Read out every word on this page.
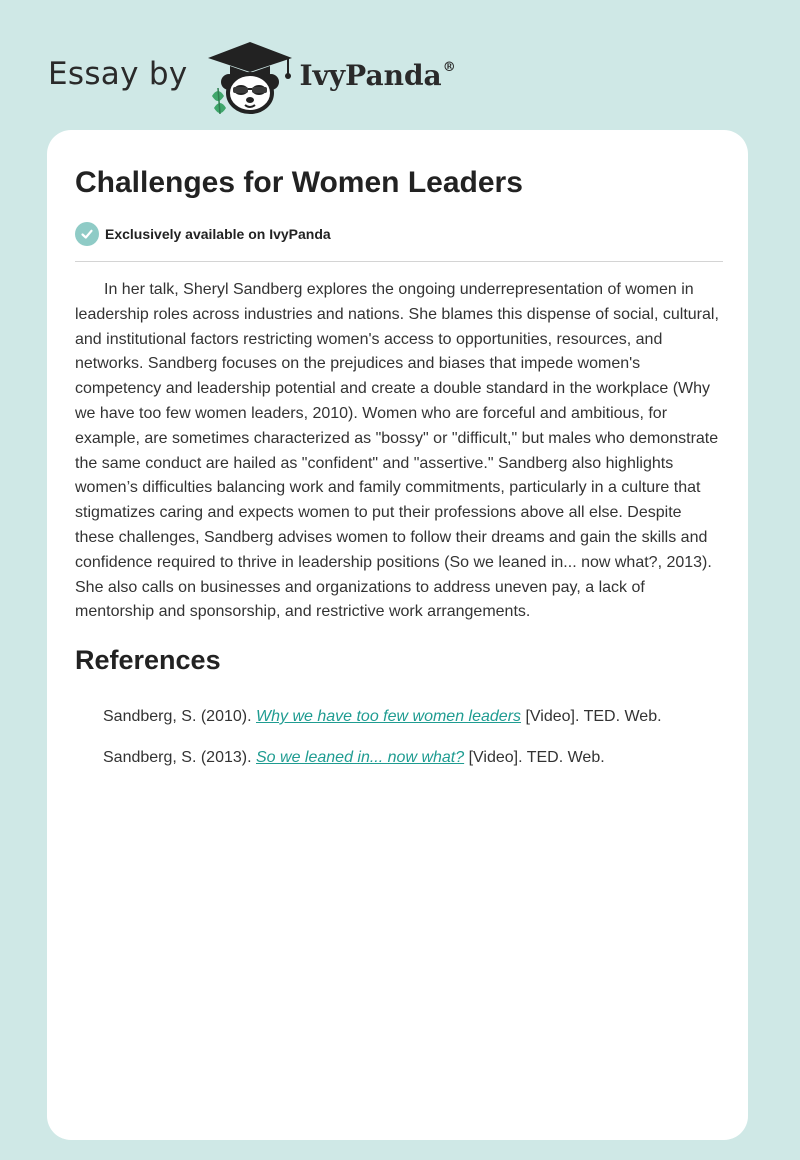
Essay by	IvyPanda®
Challenges for Women Leaders
Exclusively available on IvyPanda

In her talk, Sheryl Sandberg explores the ongoing underrepresentation of women in leadership roles across industries and nations. She blames this dispense of social, cultural, and institutional factors restricting women's access to opportunities, resources, and networks. Sandberg focuses on the prejudices and biases that impede women's competency and leadership potential and create a double standard in the workplace (Why we have too few women leaders, 2010). Women who are forceful and ambitious, for example, are sometimes characterized as "bossy" or "difficult," but males who demonstrate the same conduct are hailed as "confident" and "assertive." Sandberg also highlights women’s difficulties balancing work and family commitments, particularly in a culture that stigmatizes caring and expects women to put their professions above all else. Despite these challenges, Sandberg advises women to follow their dreams and gain the skills and confidence required to thrive in leadership positions (So we leaned in... now what?, 2013). She also calls on businesses and organizations to address uneven pay, a lack of mentorship and sponsorship, and restrictive work arrangements.

References

Sandberg, S. (2010). Why we have too few women leaders [Video]. TED. Web.

Sandberg, S. (2013). So we leaned in... now what? [Video]. TED. Web.
